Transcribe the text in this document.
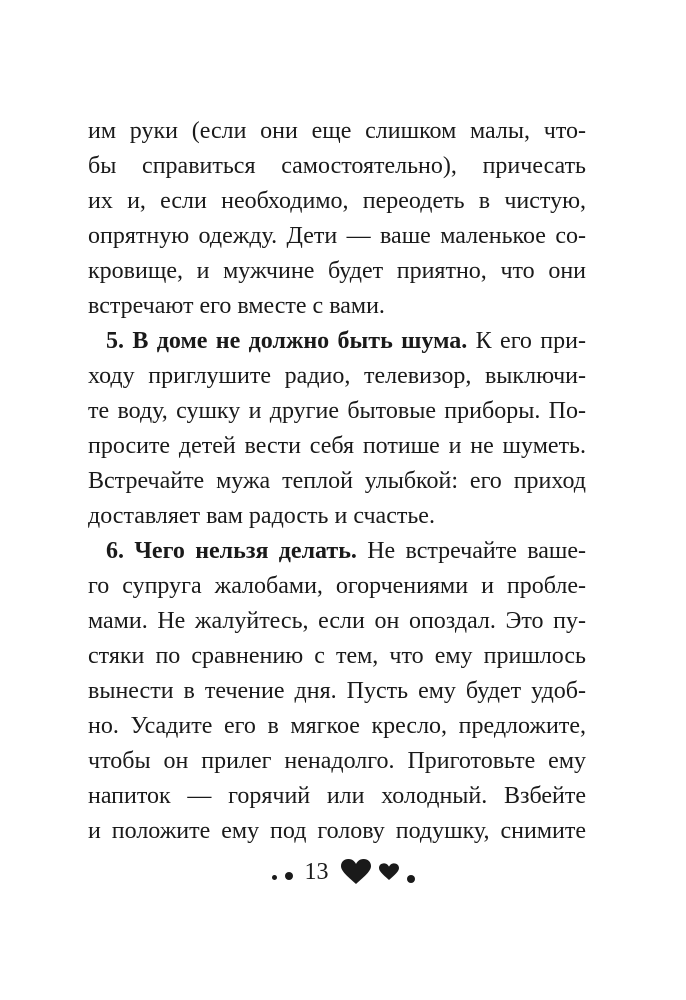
им руки (если они еще слишком малы, что-
бы справиться самостоятельно), причесать
их и, если необходимо, переодеть в чистую,
опрятную одежду. Дети — ваше маленькое со-
кровище, и мужчине будет приятно, что они
встречают его вместе с вами.
5. В доме не должно быть шума. К его при-
ходу приглушите радио, телевизор, выключи-
те воду, сушку и другие бытовые приборы. По-
просите детей вести себя потише и не шуметь.
Встречайте мужа теплой улыбкой: его приход
доставляет вам радость и счастье.
6. Чего нельзя делать. Не встречайте ваше-
го супруга жалобами, огорчениями и пробле-
мами. Не жалуйтесь, если он опоздал. Это пу-
стяки по сравнению с тем, что ему пришлось
вынести в течение дня. Пусть ему будет удоб-
но. Усадите его в мягкое кресло, предложите,
чтобы он прилег ненадолго. Приготовьте ему
напиток — горячий или холодный. Взбейте
и положите ему под голову подушку, снимите
13
